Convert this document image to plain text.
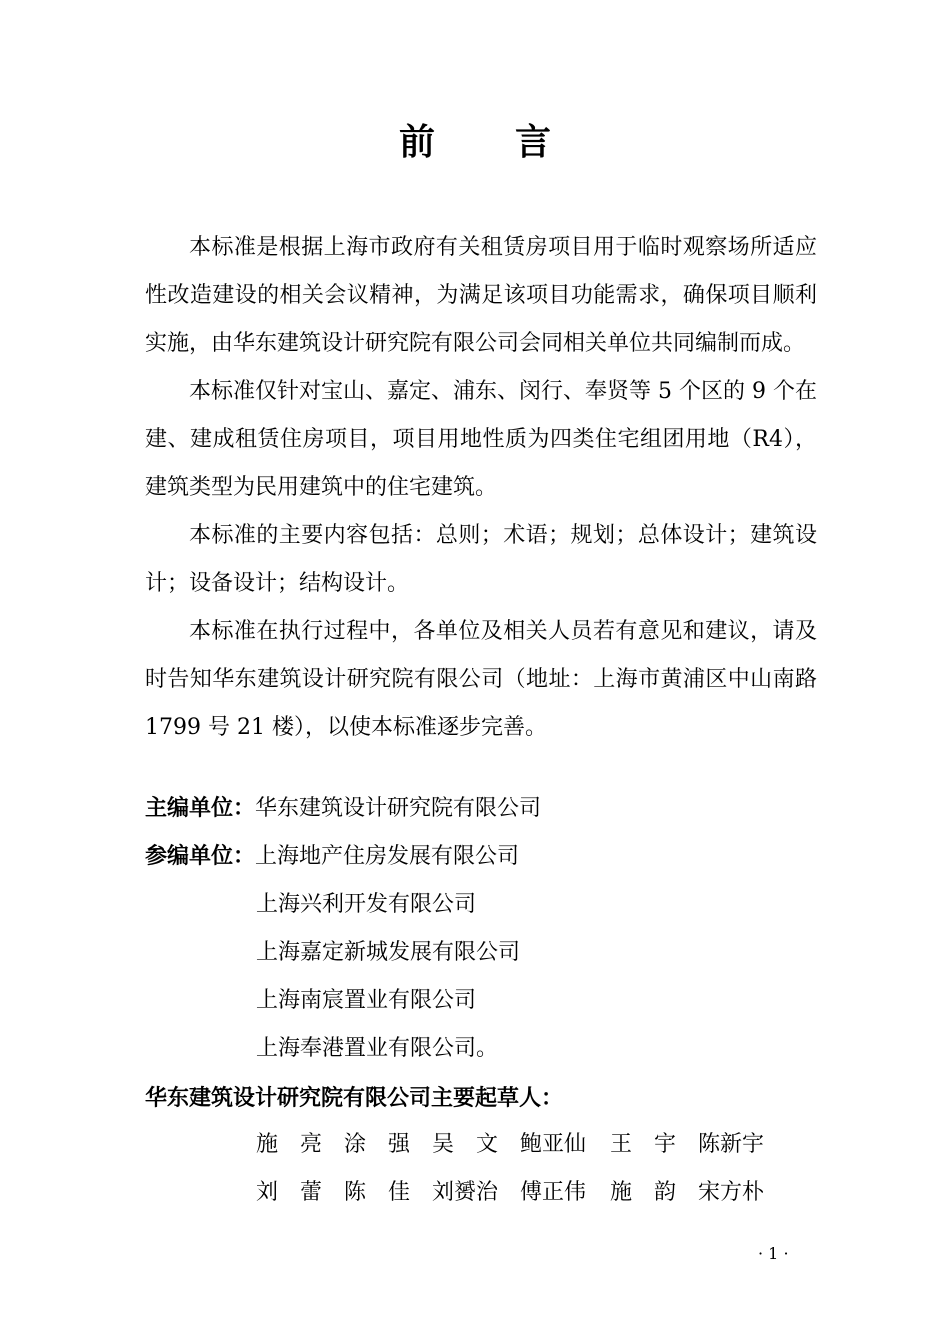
前 言

本标准是根据上海市政府有关租赁房项目用于临时观察场所适应性改造建设的相关会议精神，为满足该项目功能需求，确保项目顺利实施，由华东建筑设计研究院有限公司会同相关单位共同编制而成。

本标准仅针对宝山、嘉定、浦东、闵行、奉贤等 5 个区的 9 个在建、建成租赁住房项目，项目用地性质为四类住宅组团用地（R4），建筑类型为民用建筑中的住宅建筑。

本标准的主要内容包括：总则；术语；规划；总体设计；建筑设计；设备设计；结构设计。

本标准在执行过程中，各单位及相关人员若有意见和建议，请及时告知华东建筑设计研究院有限公司（地址：上海市黄浦区中山南路1799 号 21 楼），以使本标准逐步完善。

主编单位：华东建筑设计研究院有限公司
参编单位：上海地产住房发展有限公司
上海兴利开发有限公司
上海嘉定新城发展有限公司
上海南宸置业有限公司
上海奉港置业有限公司。
华东建筑设计研究院有限公司主要起草人：
施　亮 涂　强 吴　文 鲍亚仙	王　宇 陈新宇
刘　蕾 陈　佳 刘赟治 傅正伟	施　韵 宋方朴
· 1 ·
